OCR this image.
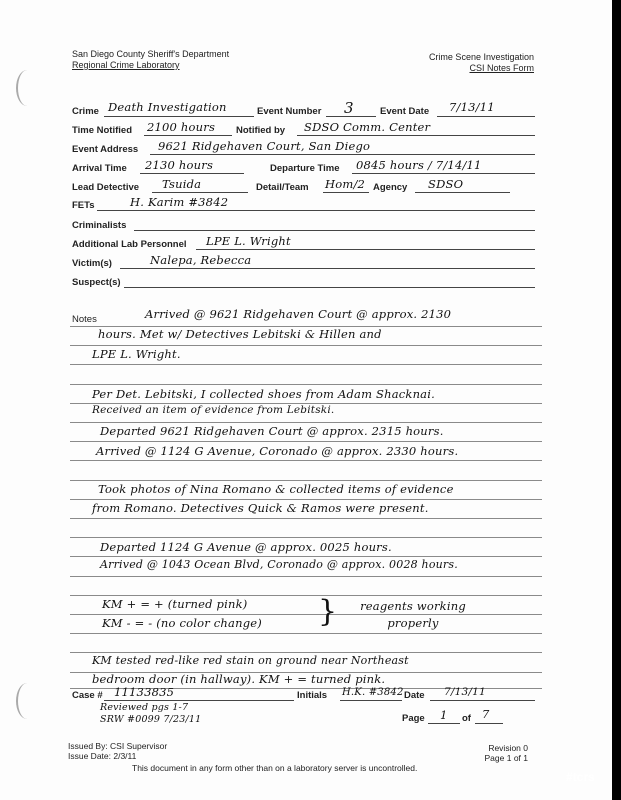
San Diego County Sheriff's Department
Regional Crime Laboratory
Crime Scene Investigation
CSI Notes Form
Crime Death Investigation	Event Number 3	Event Date 7/13/11
Time Notified 2100 hours Notified by SDSO Comm. Center
Event Address 9621 Ridgehaven Court, San Diego
Arrival Time 2130 hours	Departure Time 0845 hours / 7/14/11
Lead Detective Tsuida	Detail/Team Hom/2 Agency SDSO
FETs	H. Karim #3842
Criminalists
Additional Lab Personnel LPE L. Wright
Victim(s)	Nalepa, Rebecca
Suspect(s)
Notes	Arrived @ 9621 Ridgehaven Court @ approx. 2130
hours. Met w/ Detectives Lebitski & Hillen and
LPE L. Wright.
Per Det. Lebitski, I collected shoes from Adam Shacknai.
Received an item of evidence from Lebitski.
Departed 9621 Ridgehaven Court @ approx. 2315 hours.
Arrived @ 1124 G Avenue, Coronado @ approx. 2330 hours.
Took photos of Nina Romano & collected items of evidence
from Romano. Detectives Quick & Ramos were present.
Departed 1124 G Avenue @ approx. 0025 hours.
Arrived @ 1043 Ocean Blvd, Coronado @ approx. 0028 hours.
KM + = + (turned pink)
KM - = - (no color change) }	reagents working properly
KM tested red-like red stain on ground near Northeast
bedroom door (in hallway). KM + = turned pink.
Case # 11133835	Initials H.K. #3842 Date 7/13/11
Reviewed pgs 1-7
SRW #0099 7/23/11	Page 1 of 7
Issued By: CSI Supervisor
Issue Date: 2/3/11
Revision 0
Page 1 of 1
This document in any form other than on a laboratory server is uncontrolled.
#tcrs
